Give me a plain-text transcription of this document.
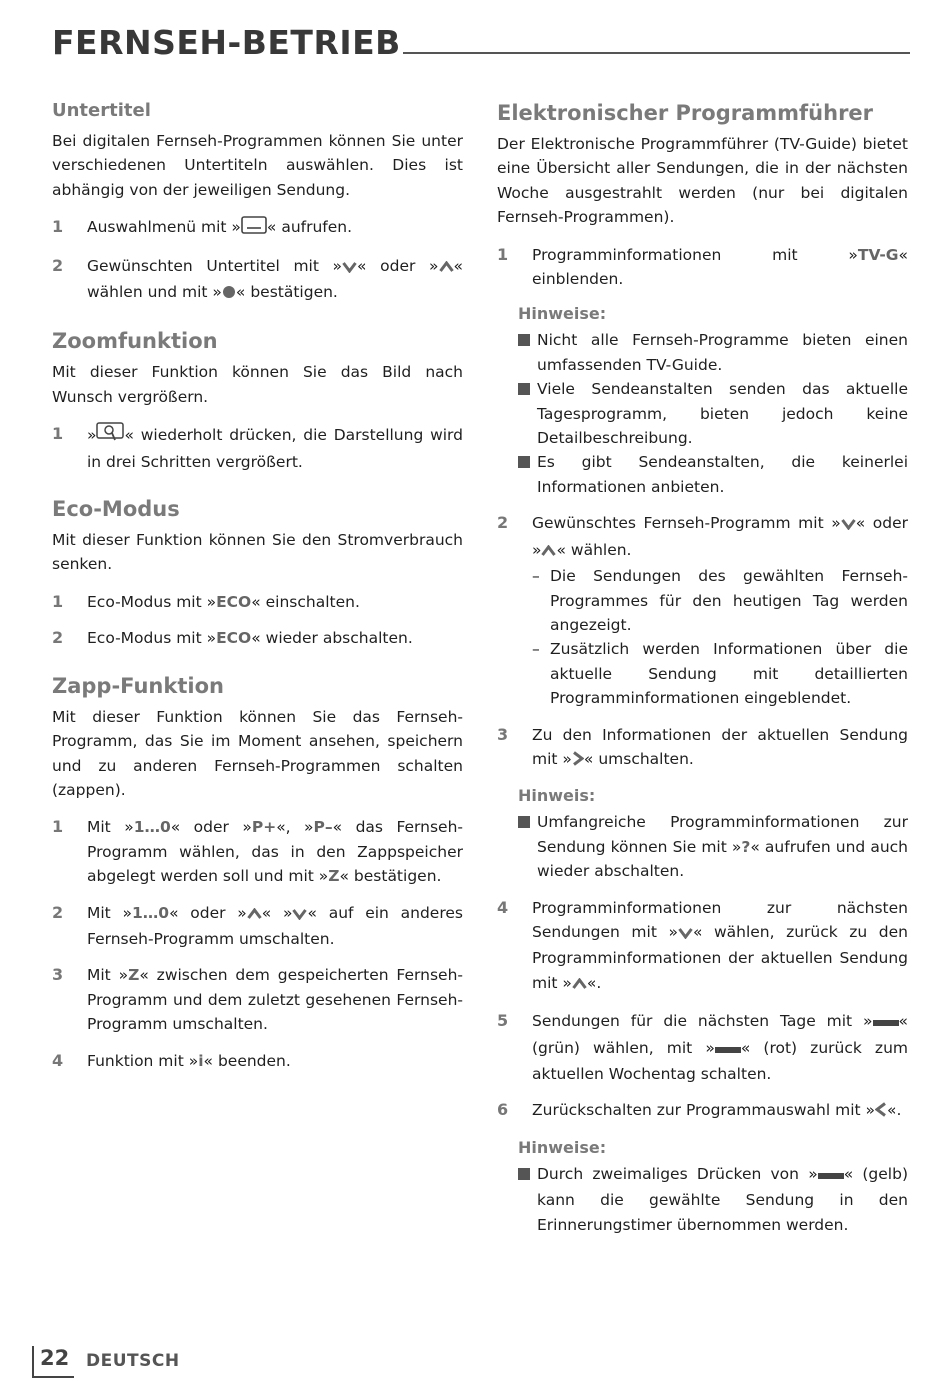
FERNSEH-BETRIEB
Untertitel

Bei digitalen Fernseh-Programmen können Sie unter verschiedenen Untertiteln auswählen. Dies ist abhängig von der jeweiligen Sendung.

1	Auswahlmenü mit » « aufrufen.
2	Gewünschten Untertitel mit » « oder » « wählen und mit » « bestätigen.
Zoomfunktion

Mit dieser Funktion können Sie das Bild nach Wunsch vergrößern.

1	» « wiederholt drücken, die Darstellung wird in drei Schritten vergrößert.
Eco-Modus

Mit dieser Funktion können Sie den Stromverbrauch senken.

1	Eco-Modus mit »ECO« einschalten.
2	Eco-Modus mit »ECO« wieder abschalten.
Zapp-Funktion

Mit dieser Funktion können Sie das Fernseh-Programm, das Sie im Moment ansehen, speichern und zu anderen Fernseh-Programmen schalten (zappen).

1	Mit »1…0« oder »P+«, »P–« das Fernseh-Programm wählen, das in den Zappspeicher abgelegt werden soll und mit »Z« bestätigen.
2	Mit »1…0« oder » « » « auf ein anderes Fernseh-Programm umschalten.
3	Mit »Z« zwischen dem gespeicherten Fernseh-Programm und dem zuletzt gesehenen Fernseh-Programm umschalten.
4	Funktion mit »i« beenden.
Elektronischer Programmführer

Der Elektronische Programmführer (TV-Guide) bietet eine Übersicht aller Sendungen, die in der nächsten Woche ausgestrahlt werden (nur bei digitalen Fernseh-Programmen).

1	Programminformationen mit »TV-G« einblenden.
Hinweise:
Nicht alle Fernseh-Programme bieten einen umfassenden TV-Guide.
Viele Sendeanstalten senden das aktuelle Tagesprogramm, bieten jedoch keine Detailbeschreibung.
Es gibt Sendeanstalten, die keinerlei Informationen anbieten.
2	Gewünschtes Fernseh-Programm mit » « oder » « wählen.
– Die Sendungen des gewählten Fernseh-Programmes für den heutigen Tag werden angezeigt.
– Zusätzlich werden Informationen über die aktuelle Sendung mit detaillierten Programminformationen eingeblendet.
3	Zu den Informationen der aktuellen Sendung mit » « umschalten.
Hinweis:
Umfangreiche Programminformationen zur Sendung können Sie mit »?« aufrufen und auch wieder abschalten.
4	Programminformationen zur nächsten Sendungen mit » « wählen, zurück zu den Programminformationen der aktuellen Sendung mit » «.
5	Sendungen für die nächsten Tage mit » « (grün) wählen, mit » « (rot) zurück zum aktuellen Wochentag schalten.
6	Zurückschalten zur Programmauswahl mit » «.
Hinweise:
Durch zweimaliges Drücken von » « (gelb) kann die gewählte Sendung in den Erinnerungstimer übernommen werden.
22 DEUTSCH
